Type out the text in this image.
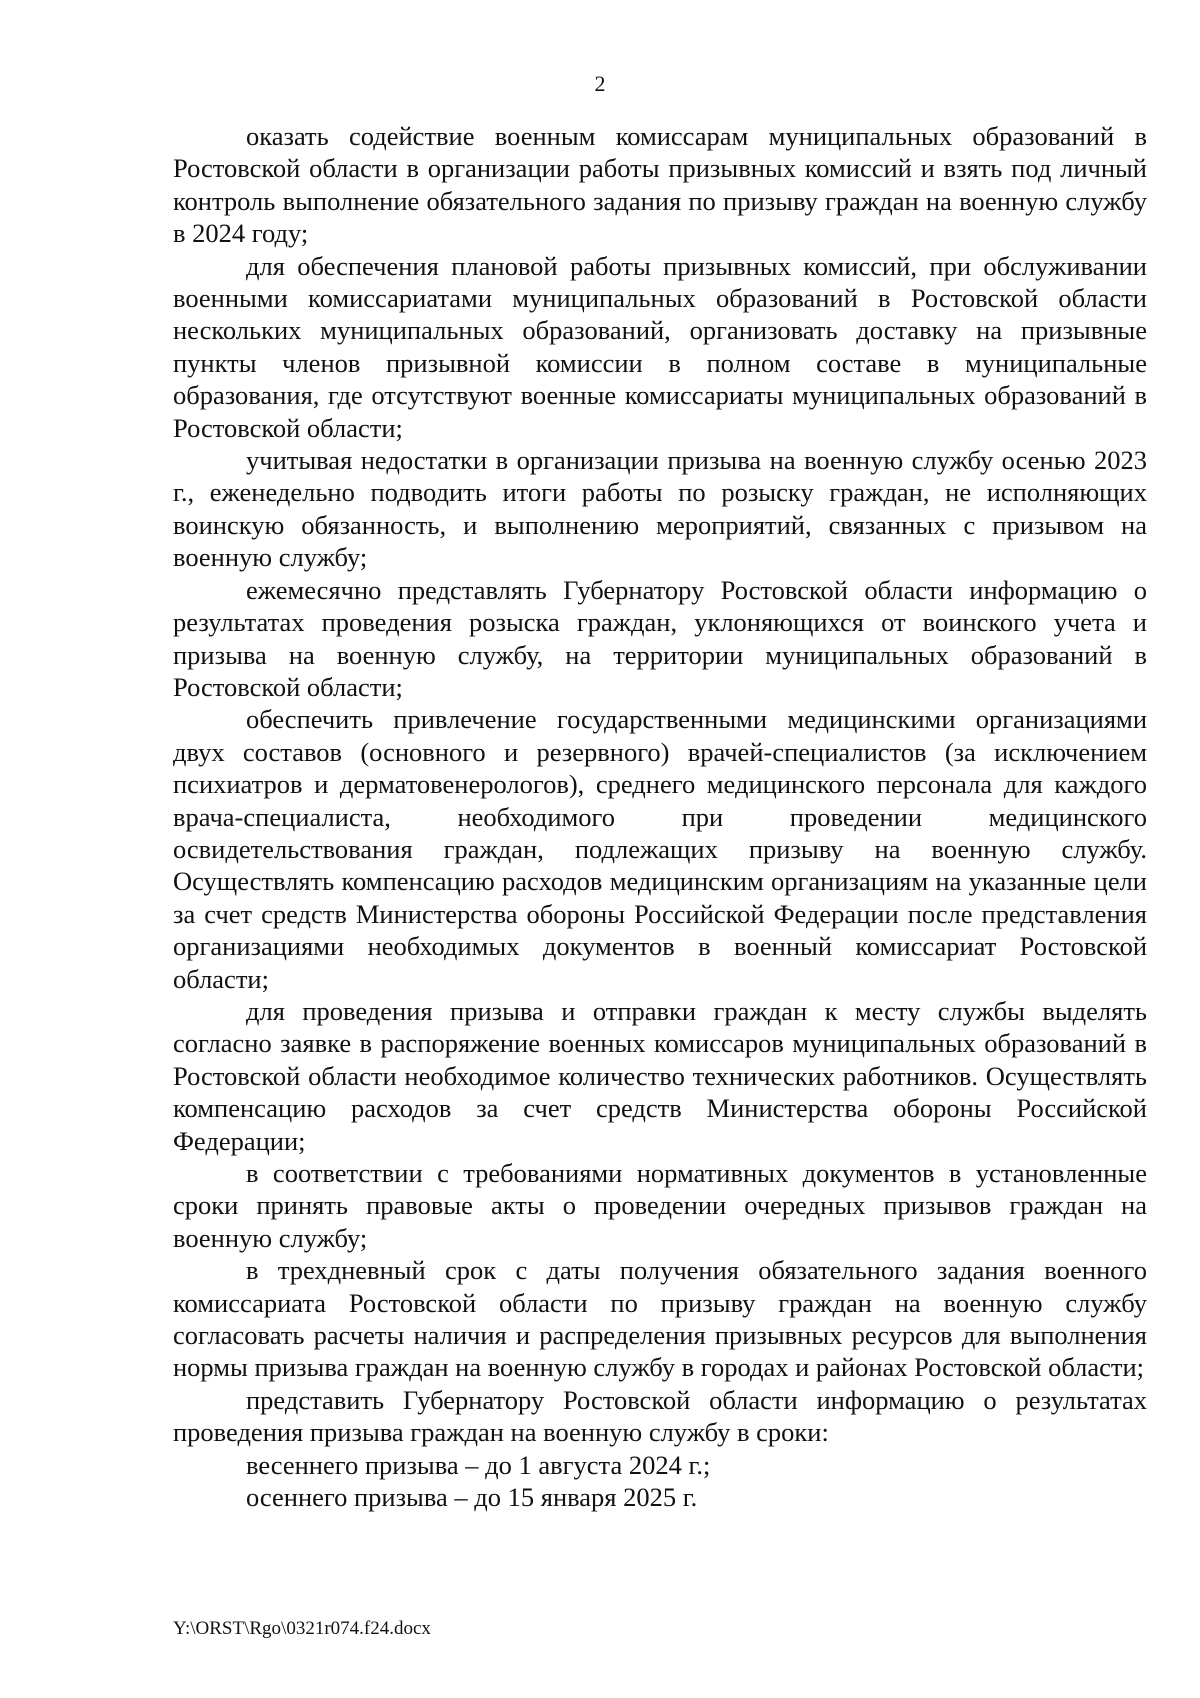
2

оказать содействие военным комиссарам муниципальных образований в Ростовской области в организации работы призывных комиссий и взять под личный контроль выполнение обязательного задания по призыву граждан на военную службу в 2024 году;

для обеспечения плановой работы призывных комиссий, при обслуживании военными комиссариатами муниципальных образований в Ростовской области нескольких муниципальных образований, организовать доставку на призывные пункты членов призывной комиссии в полном составе в муниципальные образования, где отсутствуют военные комиссариаты муниципальных образований в Ростовской области;

учитывая недостатки в организации призыва на военную службу осенью 2023 г., еженедельно подводить итоги работы по розыску граждан, не исполняющих воинскую обязанность, и выполнению мероприятий, связанных с призывом на военную службу;

ежемесячно представлять Губернатору Ростовской области информацию о результатах проведения розыска граждан, уклоняющихся от воинского учета и призыва на военную службу, на территории муниципальных образований в Ростовской области;

обеспечить привлечение государственными медицинскими организациями двух составов (основного и резервного) врачей-специалистов (за исключением психиатров и дерматовенерологов), среднего медицинского персонала для каждого врача-специалиста, необходимого при проведении медицинского освидетельствования граждан, подлежащих призыву на военную службу. Осуществлять компенсацию расходов медицинским организациям на указанные цели за счет средств Министерства обороны Российской Федерации после представления организациями необходимых документов в военный комиссариат Ростовской области;

для проведения призыва и отправки граждан к месту службы выделять согласно заявке в распоряжение военных комиссаров муниципальных образований в Ростовской области необходимое количество технических работников. Осуществлять компенсацию расходов за счет средств Министерства обороны Российской Федерации;

в соответствии с требованиями нормативных документов в установленные сроки принять правовые акты о проведении очередных призывов граждан на военную службу;

в трехдневный срок с даты получения обязательного задания военного комиссариата Ростовской области по призыву граждан на военную службу согласовать расчеты наличия и распределения призывных ресурсов для выполнения нормы призыва граждан на военную службу в городах и районах Ростовской области;

представить Губернатору Ростовской области информацию о результатах проведения призыва граждан на военную службу в сроки:

весеннего призыва – до 1 августа 2024 г.;

осеннего призыва – до 15 января 2025 г.

Y:\ORST\Rgo\0321r074.f24.docx
